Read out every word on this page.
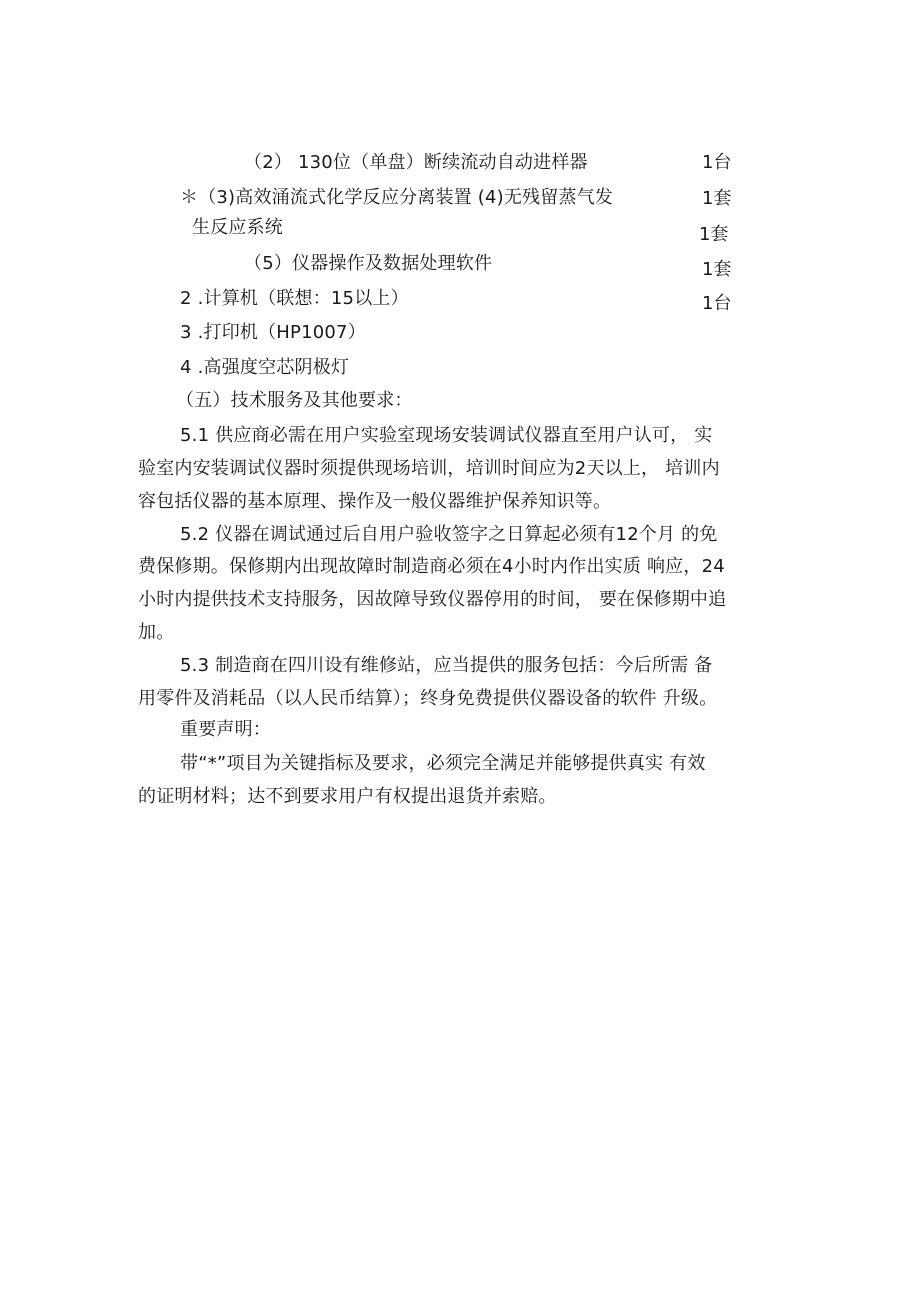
（2） 130位（单盘）断续流动自动进样器	1台
＊（3)高效涌流式化学反应分离装置 (4)无残留蒸气发	1套
生反应系统	1套
（5）仪器操作及数据处理软件	1套
2 .计算机（联想：15以上）	1台
3 .打印机（HP1007）
4 .高强度空芯阴极灯
（五）技术服务及其他要求：
5.1 供应商必需在用户实验室现场安装调试仪器直至用户认可， 实
验室内安装调试仪器时须提供现场培训，培训时间应为2天以上， 培训内
容包括仪器的基本原理、操作及一般仪器维护保养知识等。
5.2 仪器在调试通过后自用户验收签字之日算起必须有12个月 的免
费保修期。保修期内出现故障时制造商必须在4小时内作出实质 响应，24
小时内提供技术支持服务，因故障导致仪器停用的时间， 要在保修期中追
加。
5.3 制造商在四川设有维修站，应当提供的服务包括：今后所需 备
用零件及消耗品（以人民币结算）；终身免费提供仪器设备的软件 升级。
重要声明：
带“*”项目为关键指标及要求，必须完全满足并能够提供真实 有效
的证明材料；达不到要求用户有权提出退货并索赔。
